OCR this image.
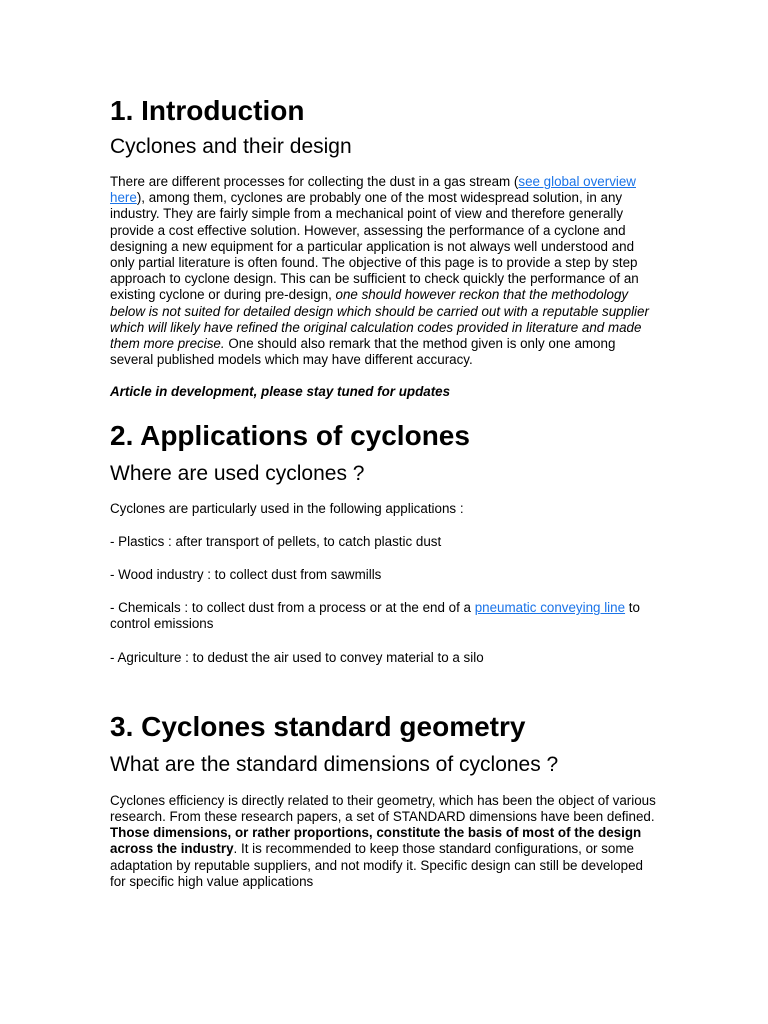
1. Introduction
Cyclones and their design

There are different processes for collecting the dust in a gas stream (see global overview here), among them, cyclones are probably one of the most widespread solution, in any industry. They are fairly simple from a mechanical point of view and therefore generally provide a cost effective solution. However, assessing the performance of a cyclone and designing a new equipment for a particular application is not always well understood and only partial literature is often found. The objective of this page is to provide a step by step approach to cyclone design. This can be sufficient to check quickly the performance of an existing cyclone or during pre-design, one should however reckon that the methodology below is not suited for detailed design which should be carried out with a reputable supplier which will likely have refined the original calculation codes provided in literature and made them more precise. One should also remark that the method given is only one among several published models which may have different accuracy.

Article in development, please stay tuned for updates

2. Applications of cyclones
Where are used cyclones ?

Cyclones are particularly used in the following applications :

- Plastics : after transport of pellets, to catch plastic dust

- Wood industry : to collect dust from sawmills

- Chemicals : to collect dust from a process or at the end of a pneumatic conveying line to control emissions

- Agriculture : to dedust the air used to convey material to a silo

3. Cyclones standard geometry
What are the standard dimensions of cyclones ?

Cyclones efficiency is directly related to their geometry, which has been the object of various research. From these research papers, a set of STANDARD dimensions have been defined. Those dimensions, or rather proportions, constitute the basis of most of the design across the industry. It is recommended to keep those standard configurations, or some adaptation by reputable suppliers, and not modify it. Specific design can still be developed for specific high value applications
